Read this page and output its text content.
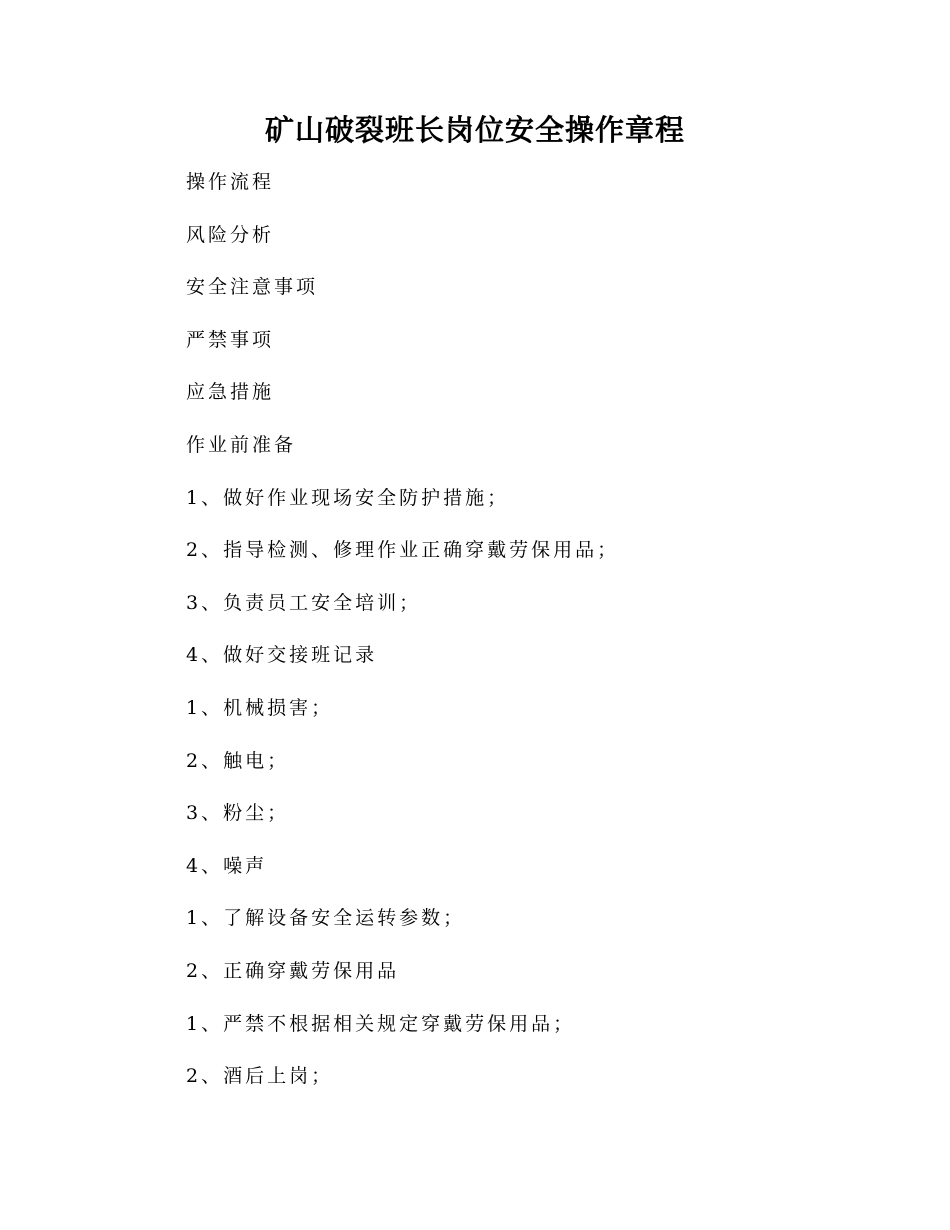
矿山破裂班长岗位安全操作章程
操作流程
风险分析
安全注意事项
严禁事项
应急措施
作业前准备
1、做好作业现场安全防护措施；
2、指导检测、修理作业正确穿戴劳保用品；
3、负责员工安全培训；
4、做好交接班记录
1、机械损害；
2、触电；
3、粉尘；
4、噪声
1、了解设备安全运转参数；
2、正确穿戴劳保用品
1、严禁不根据相关规定穿戴劳保用品；
2、酒后上岗；
